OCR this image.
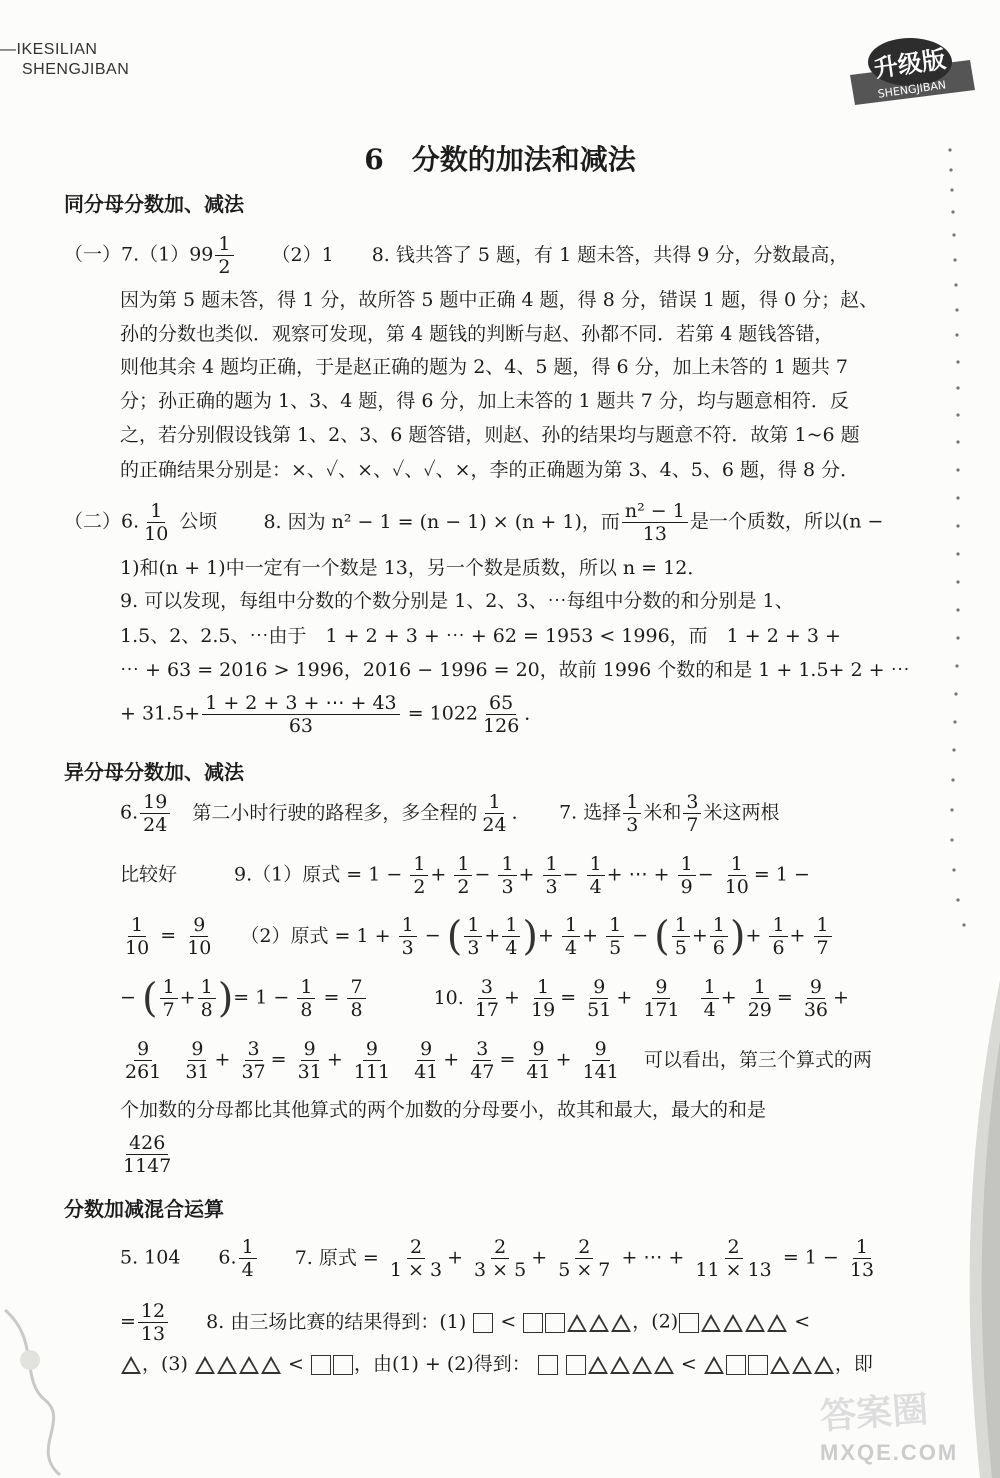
—IKESILIAN
SHENGJIBAN	升级版
SHENGJIBAN
6　分数的加法和减法
同分母分数加、减法
（一）$7.(1)99 \frac{1}{2} (2)1$　　8. 钱共答了 5 题，有 1 题未答，共得 9 分，分数最高，
因为第 5 题未答，得 1 分，故所答 5 题中正确 4 题，得 8 分，错误 1 题，得 0 分；赵、
孙的分数也类似．观察可发现，第 4 题钱的判断与赵、孙都不同．若第 4 题钱答错，
则他其余 4 题均正确，于是赵正确的题为 2、4、5 题，得 6 分，加上未答的 1 题共 7
分；孙正确的题为 1、3、4 题，得 6 分，加上未答的 1 题共 7 分，均与题意相符．反
之，若分别假设钱第 1、2、3、6 题答错，则赵、孙的结果均与题意不符．故第 1~6 题
的正确结果分别是：×、✓、×、✓、✓、×，李的正确题为第 3、4、5、6 题，得 8 分．
（二）6. $\frac{1}{10}$ 公顷 8. 因为 n² − 1 = (n − 1) × (n + 1)，而 $\frac{\text{n² − 1}}{13}$ 是一个质数，所以(n −
1)和(n + 1)中一定有一个数是 13，另一个数是质数，所以 n = 12．
9. 可以发现，每组中分数的个数分别是 1、2、3、⋯每组中分数的和分别是 1、
1.5、2、2.5、⋯由于　1 + 2 + 3 + ⋯ + 62 = 1953 < 1996，而　1 + 2 + 3 +
⋯ + 63 = 2016 > 1996，2016 − 1996 = 20，故前 1996 个数的和是 1 + 1.5+ 2 + ⋯
+ $31.5+ \frac{1 + 2 + 3 + \cdots + 43}{63} = 1022 \frac{65}{126}$ ．
异分母分数加、减法
6. $\frac{19}{24}$ 第二小时行驶的路程多，多全程的 $\frac{1}{24}$ ．　　7. 选择 $\frac{1}{3}$ 米和 $\frac{3}{7}$ 米这两根
比较好　　　9.（1）原式 = $1 - \frac{1}{2} + \frac{1}{2} - \frac{1}{3} + \frac{1}{3} - \frac{1}{4}$ + ⋯ + $\frac{1}{9} - \frac{1}{10} = 1$ −
$\frac{1}{10} = \frac{9}{10} (2)$原式 = $1 + \frac{1}{3}$ − ( $\frac{1}{3} + \frac{1}{4}$ )+ $\frac{1}{4} + \frac{1}{5}$ − ( $\frac{1}{5} + \frac{1}{6}$ )+ $\frac{1}{6} + \frac{1}{7}$
− ( $\frac{1}{7} + \frac{1}{8}$ )= $1 - \frac{1}{8} = \frac{7}{8}$	10. $\frac{3}{17} + \frac{1}{19} = \frac{9}{51} + \frac{9}{171}$
$\frac{1}{4} + \frac{1}{29} = \frac{9}{36}$ +
$\frac{9}{261}$
$\frac{9}{31} + \frac{3}{37} = \frac{9}{31} + \frac{9}{111}$
$\frac{9}{41} + \frac{3}{47} = \frac{9}{41} + \frac{9}{141}$ 可以看出，第三个算式的两
个加数的分母都比其他算式的两个加数的分母要小，故其和最大，最大的和是
$\frac{426}{1147}$
分数加减混合运算
5. 104　　6. $\frac{1}{4} 7$. 原式 = $\frac{2}{1 \times 3} + \frac{2}{3 \times 5} + \frac{2}{5 \times 7}$ + ⋯ + $\frac{2}{11 \times 13} = 1 - \frac{1}{13}$
= $\frac{12}{13} 8$. 由三场比赛的结果得到：(1)  <	，(2)	<
，(3)	< ，由(1) + (2)得到：	<	，即
答案圈
MXQE.COM
